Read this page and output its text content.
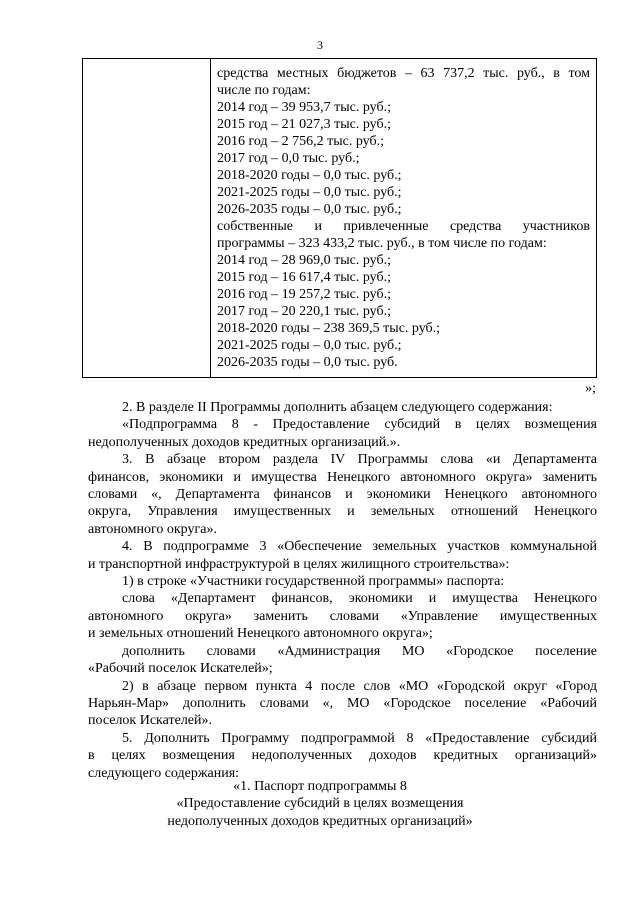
3
средства местных бюджетов – 63 737,2 тыс. руб., в том
числе по годам:
2014 год – 39 953,7 тыс. руб.;
2015 год – 21 027,3 тыс. руб.;
2016 год – 2 756,2 тыс. руб.;
2017 год – 0,0 тыс. руб.;
2018-2020 годы – 0,0 тыс. руб.;
2021-2025 годы – 0,0 тыс. руб.;
2026-2035 годы – 0,0 тыс. руб.;
собственные и привлеченные средства участников
программы – 323 433,2 тыс. руб., в том числе по годам:
2014 год – 28 969,0 тыс. руб.;
2015 год – 16 617,4 тыс. руб.;
2016 год – 19 257,2 тыс. руб.;
2017 год – 20 220,1 тыс. руб.;
2018-2020 годы – 238 369,5 тыс. руб.;
2021-2025 годы – 0,0 тыс. руб.;
2026-2035 годы – 0,0 тыс. руб.
»;
2. В разделе II Программы дополнить абзацем следующего содержания:
«Подпрограмма 8 - Предоставление субсидий в целях возмещения
недополученных доходов кредитных организаций.».
3. В абзаце втором раздела IV Программы слова «и Департамента
финансов, экономики и имущества Ненецкого автономного округа» заменить
словами «, Департамента финансов и экономики Ненецкого автономного
округа, Управления имущественных и земельных отношений Ненецкого
автономного округа».
4. В подпрограмме 3 «Обеспечение земельных участков коммунальной
и транспортной инфраструктурой в целях жилищного строительства»:
1) в строке «Участники государственной программы» паспорта:
слова «Департамент финансов, экономики и имущества Ненецкого
автономного округа» заменить словами «Управление имущественных
и земельных отношений Ненецкого автономного округа»;
дополнить словами «Администрация МО «Городское поселение
«Рабочий поселок Искателей»;
2) в абзаце первом пункта 4 после слов «МО «Городской округ «Город
Нарьян-Мар» дополнить словами «, МО «Городское поселение «Рабочий
поселок Искателей».
5. Дополнить Программу подпрограммой 8 «Предоставление субсидий
в целях возмещения недополученных доходов кредитных организаций»
следующего содержания:
«1. Паспорт подпрограммы 8
«Предоставление субсидий в целях возмещения
недополученных доходов кредитных организаций»
